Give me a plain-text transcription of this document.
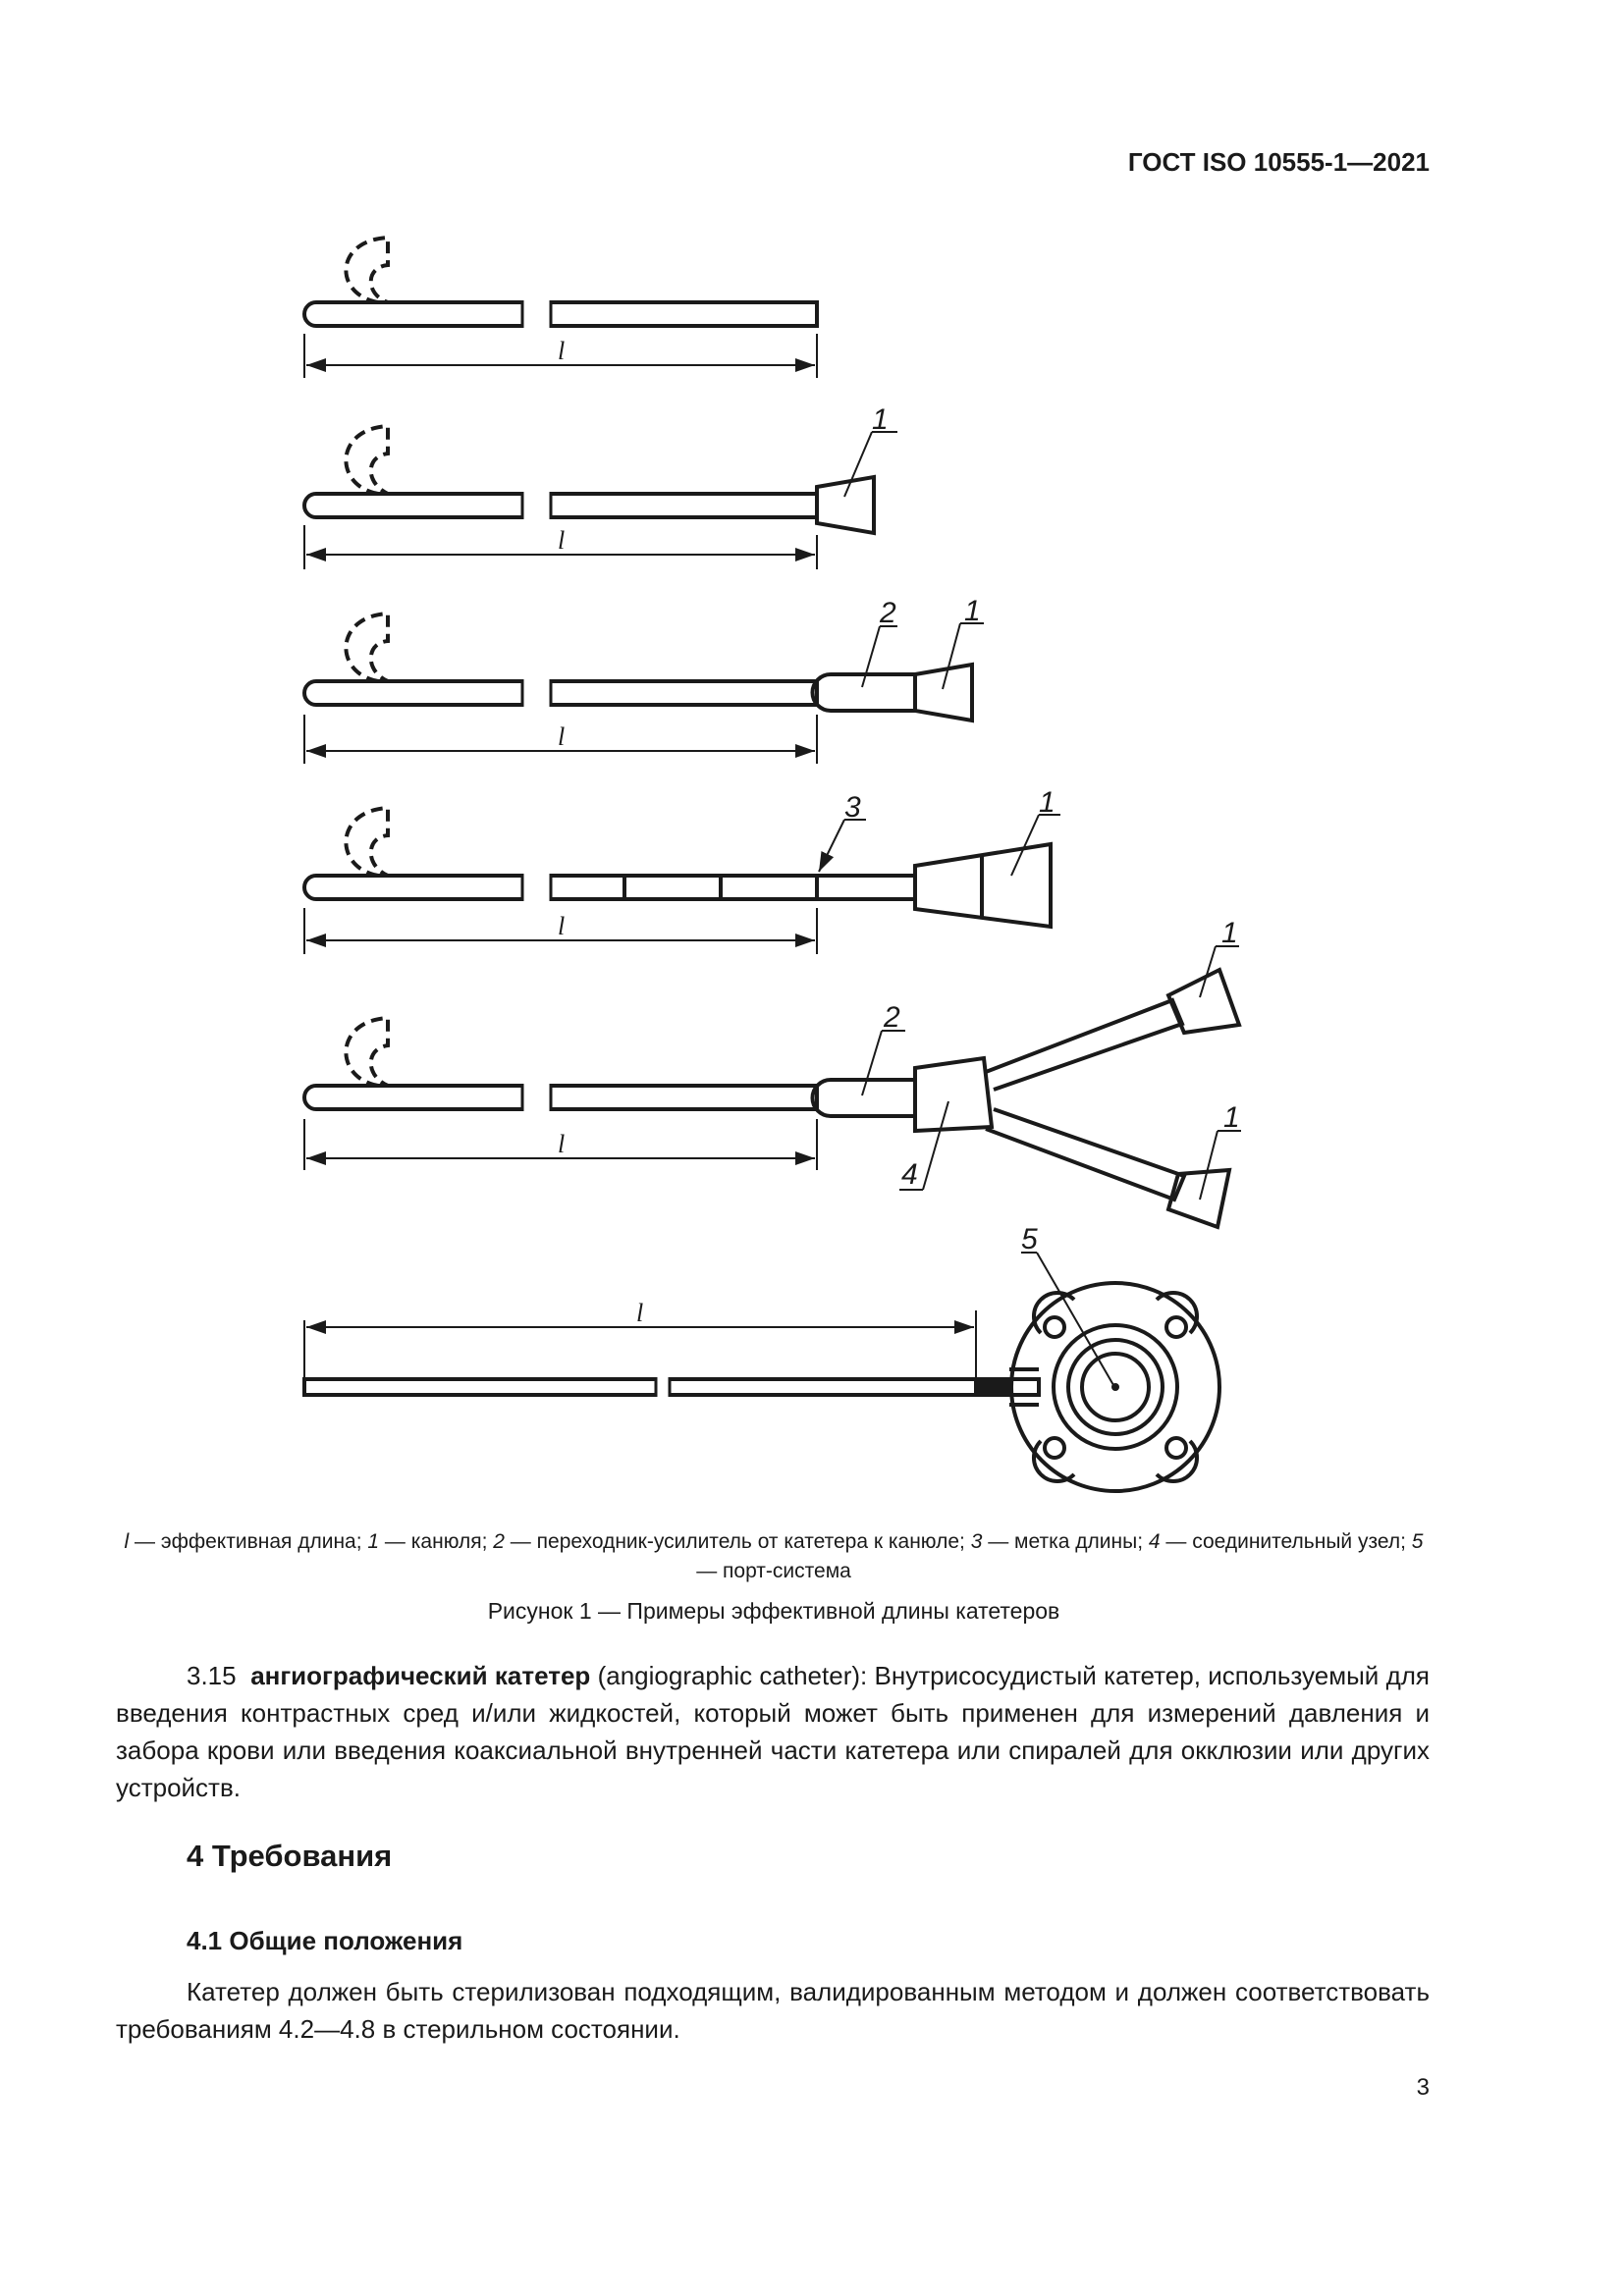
ГОСТ ISO 10555-1—2021
l
l
l
l
l
l
1
2 1
3	1
2
4
1
1
5
l — эффективная длина; 1 — канюля; 2 — переходник-усилитель от катетера к канюле; 3 — метка длины; 4 — соединительный узел; 5 — порт-система
Рисунок 1 — Примеры эффективной длины катетеров

3.15 ангиографический катетер (angiographic catheter): Внутрисосудистый катетер, используемый для введения контрастных сред и/или жидкостей, который может быть применен для измерений давления и забора крови или введения коаксиальной внутренней части катетера или спиралей для окклюзии или других устройств.

4 Требования
4.1 Общие положения

Катетер должен быть стерилизован подходящим, валидированным методом и должен соответствовать требованиям 4.2—4.8 в стерильном состоянии.

3
